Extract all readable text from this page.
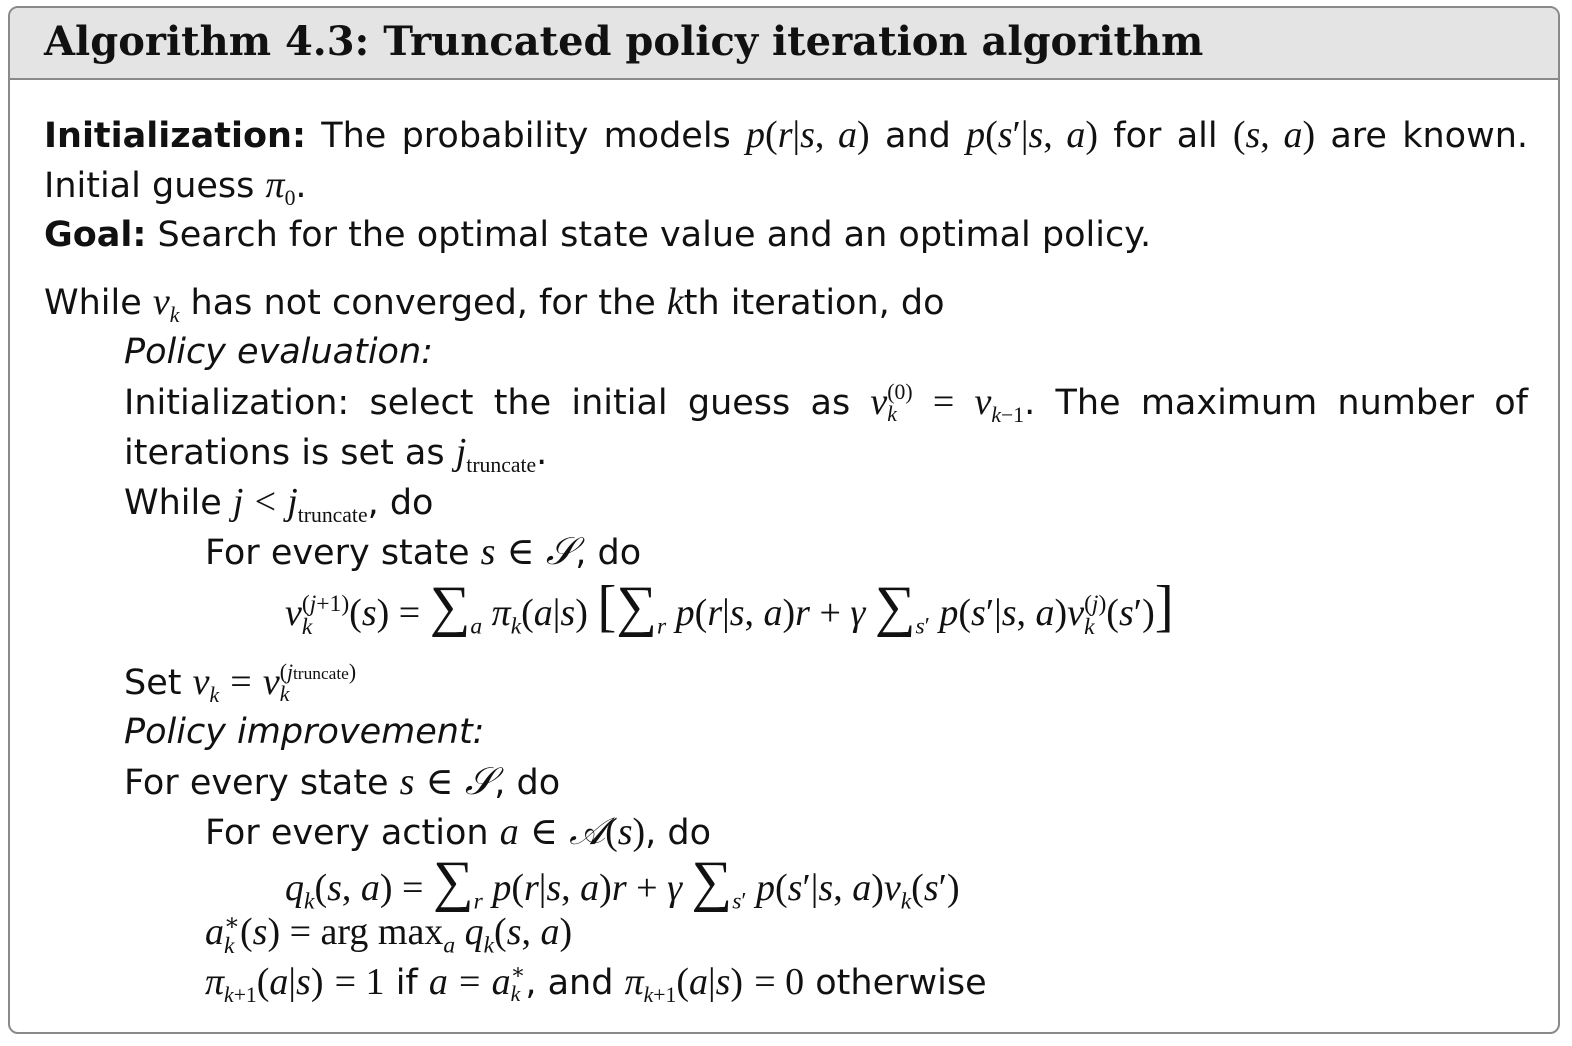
Algorithm 4.3: Truncated policy iteration algorithm
Initialization: The probability models p(r|s, a) and p(s′|s, a) for all (s, a) are known.
Initial guess $\pi_0$.
Goal: Search for the optimal state value and an optimal policy.
While $v_k$ has not converged, for the kth iteration, do
Policy evaluation:
Initialization: select the initial guess as v (0)
$k = v_{k-1}$. The maximum number of
iterations is set as $j_{truncate}$.
While $j < j_{truncate}$, do
For every state s ∈ 𝒮, do
v (j+1)
k $(s) = \sum_a$ $\pi_k(a|s)$ [$\sum_r$ p(r|s, a)r + γ $\sum_{s'}$ p(s′|s, a)v (j)
k (s′)]
Set $v_k = v$ (jtruncate)
k
Policy improvement:
For every state s ∈ 𝒮, do
For every action a ∈ 𝒜(s), do
$q_k(s$, $a) = \sum_r$ p(r|s, a)r + γ $\sum_{s'}$ p(s′|s, $a)v_k(s')$
a ∗
k (s) = arg $\max_a q_k(s$, a)
$\pi_{k+1}(a|s) = 1$ if a = a ∗
k , and $\pi_{k+1}(a|s) = 0$ otherwise
